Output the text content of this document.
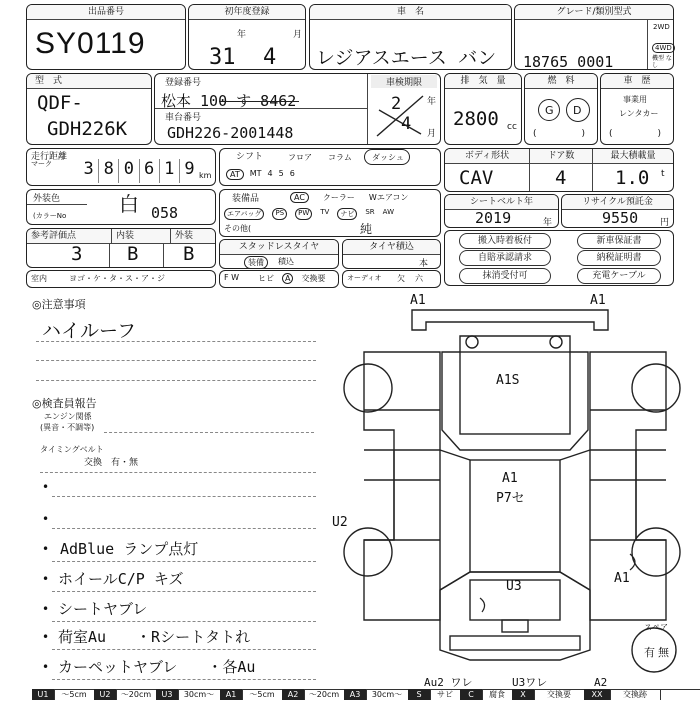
出品番号
SY0119
初年度登録
年	月
31 4
車　名
レジアスエース バン
グレード/類別型式
2WD
4WD
機型 なし
18765 0001
型　式
QDF-
GDH226K
登録番号
松本 100 す 8462
車台番号
GDH226-2001448
車検期限
年
月
2
4
排　気　量
2800 cc
燃　料
G D
(　　　　　)
車　歴
事業用
レンタカー
(　　　　　)
走行距離
マーク 3 8 0 6 1 9 km
シフト	フロア コラム	ダッシュ
AT	MT 4 5 6
ボディ形状	ドア数	最大積載量
CAV	4	1.0 t
外装色
(カラーNo	白 058
装備品	AC	クーラー Wエアコン
エアバッグ	PS	PW	TV	ナビ	SR AW
その他(	純
シートベルト年
2019	年
リサイクル預託金
9550 円
参考評価点	内装	外装
3 B B	スタッドレスタイヤ
装備	積込
タイヤ積込
本
搬入時着板付	新車保証書
自賠承認請求	納税証明書
抹消受付可	充電ケーブル
室内	ヨゴ・ケ・タ・ス・ア・ジ	F W ヒビ	A	交換要	オーディオ 欠 六
◎注意事項
ハイルーフ
◎検査員報告
エンジン関係
(異音・不調等)
タイミングベルト
交換　有・無
•
•
• AdBlue ランプ点灯
• ホイールC/P キズ
• シートヤブレ
• 荷室Au　　・Rシートタトれ
• カーペットヤブレ　　・各Au
A1	A1
A1S
A1
P7セ
U2
U3
A1
Au2 ワレ	U3ワレ	A2
スペア
有 無
U1	～5cm	U2	～20cm	U3	30cm～	A1	～5cm	A2	～20cm	A3	30cm～	S	サビ	C	腐食	X	交換要	XX	交換跡
